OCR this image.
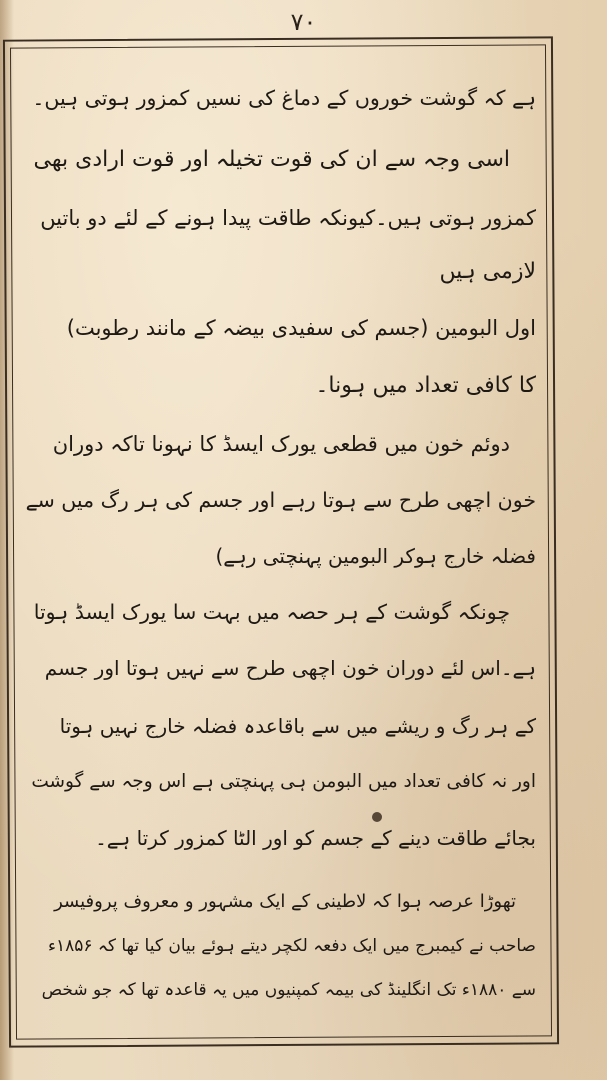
۷۰
ہے کہ گوشت خوروں کے دماغ کی نسیں کمزور ہوتی ہیں۔
اسی وجہ سے ان کی قوت تخیلہ اور قوت ارادی بھی
کمزور ہوتی ہیں۔کیونکہ طاقت پیدا ہونے کے لئے دو باتیں
لازمی ہیں
اول البومین (جسم کی سفیدی بیضہ کے مانند رطوبت)
کا کافی تعداد میں ہونا۔
دوئم خون میں قطعی یورک ایسڈ کا نہونا تاکہ دوران
خون اچھی طرح سے ہوتا رہے اور جسم کی ہر رگ میں سے
فضلہ خارج ہوکر البومین پہنچتی رہے)
چونکہ گوشت کے ہر حصہ میں بہت سا یورک ایسڈ ہوتا
ہے۔اس لئے دوران خون اچھی طرح سے نہیں ہوتا اور جسم
کے ہر رگ و ریشے میں سے باقاعدہ فضلہ خارج نہیں ہوتا
اور نہ کافی تعداد میں البومن ہی پہنچتی ہے اس وجہ سے گوشت
بجائے طاقت دینے کے جسم کو اور الٹا کمزور کرتا ہے۔
تھوڑا عرصہ ہوا کہ لاطینی کے ایک مشہور و معروف پروفیسر
صاحب نے کیمبرج میں ایک دفعہ لکچر دیتے ہوئے بیان کیا تھا کہ ۱۸۵۶ء
سے ۱۸۸۰ء تک انگلینڈ کی بیمہ کمپنیوں میں یہ قاعدہ تھا کہ جو شخص
